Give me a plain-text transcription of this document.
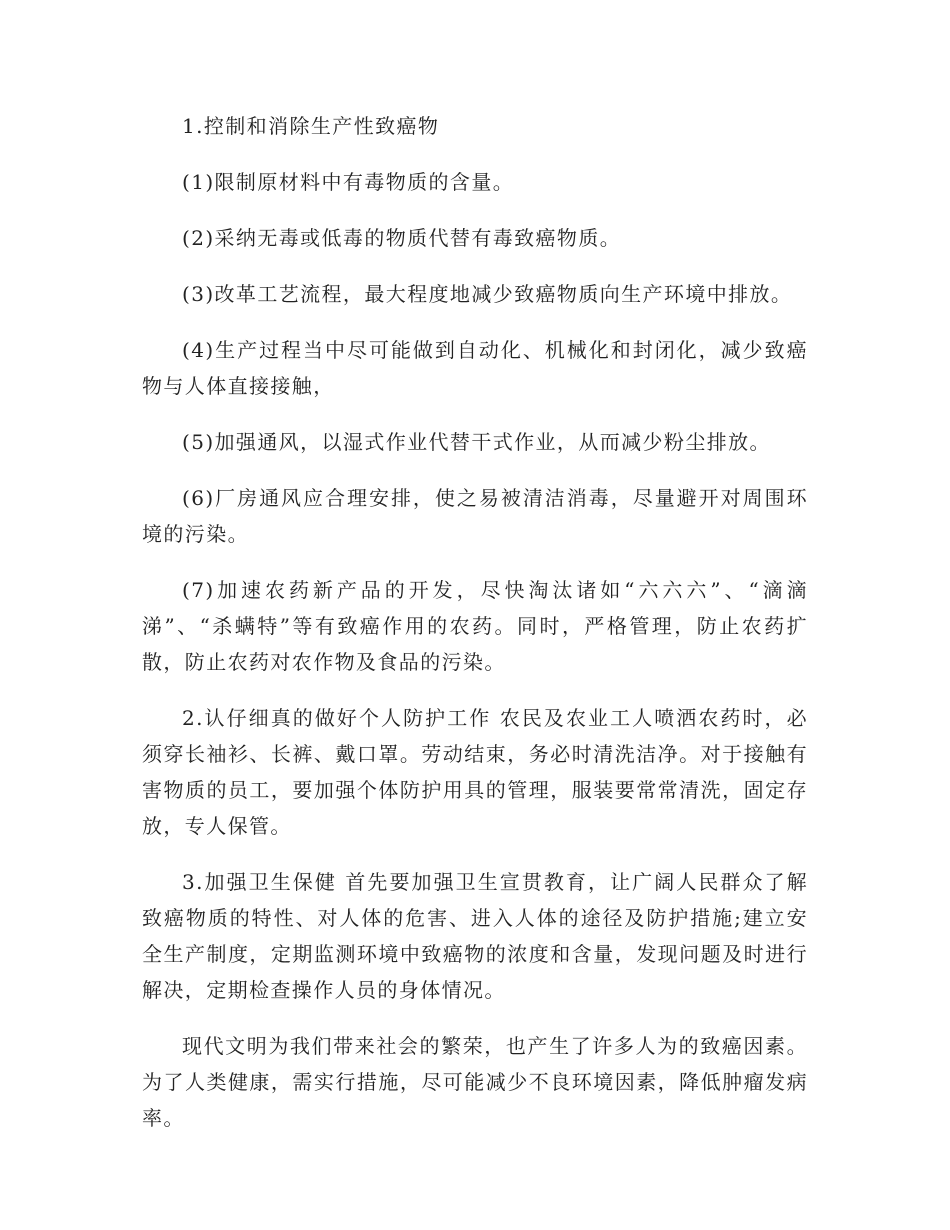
1.控制和消除生产性致癌物

(1)限制原材料中有毒物质的含量。

(2)采纳无毒或低毒的物质代替有毒致癌物质。

(3)改革工艺流程，最大程度地减少致癌物质向生产环境中排放。

(4)生产过程当中尽可能做到自动化、机械化和封闭化，减少致癌物与人体直接接触，

(5)加强通风，以湿式作业代替干式作业，从而减少粉尘排放。

(6)厂房通风应合理安排，使之易被清洁消毒，尽量避开对周围环境的污染。

(7)加速农药新产品的开发，尽快淘汰诸如“六六六”、“滴滴涕”、“杀螨特”等有致癌作用的农药。同时，严格管理，防止农药扩散，防止农药对农作物及食品的污染。

2.认仔细真的做好个人防护工作 农民及农业工人喷洒农药时，必须穿长袖衫、长裤、戴口罩。劳动结束，务必时清洗洁净。对于接触有害物质的员工，要加强个体防护用具的管理，服装要常常清洗，固定存放，专人保管。

3.加强卫生保健 首先要加强卫生宣贯教育，让广阔人民群众了解致癌物质的特性、对人体的危害、进入人体的途径及防护措施;建立安全生产制度，定期监测环境中致癌物的浓度和含量，发现问题及时进行解决，定期检查操作人员的身体情况。

现代文明为我们带来社会的繁荣，也产生了许多人为的致癌因素。为了人类健康，需实行措施，尽可能减少不良环境因素，降低肿瘤发病率。
